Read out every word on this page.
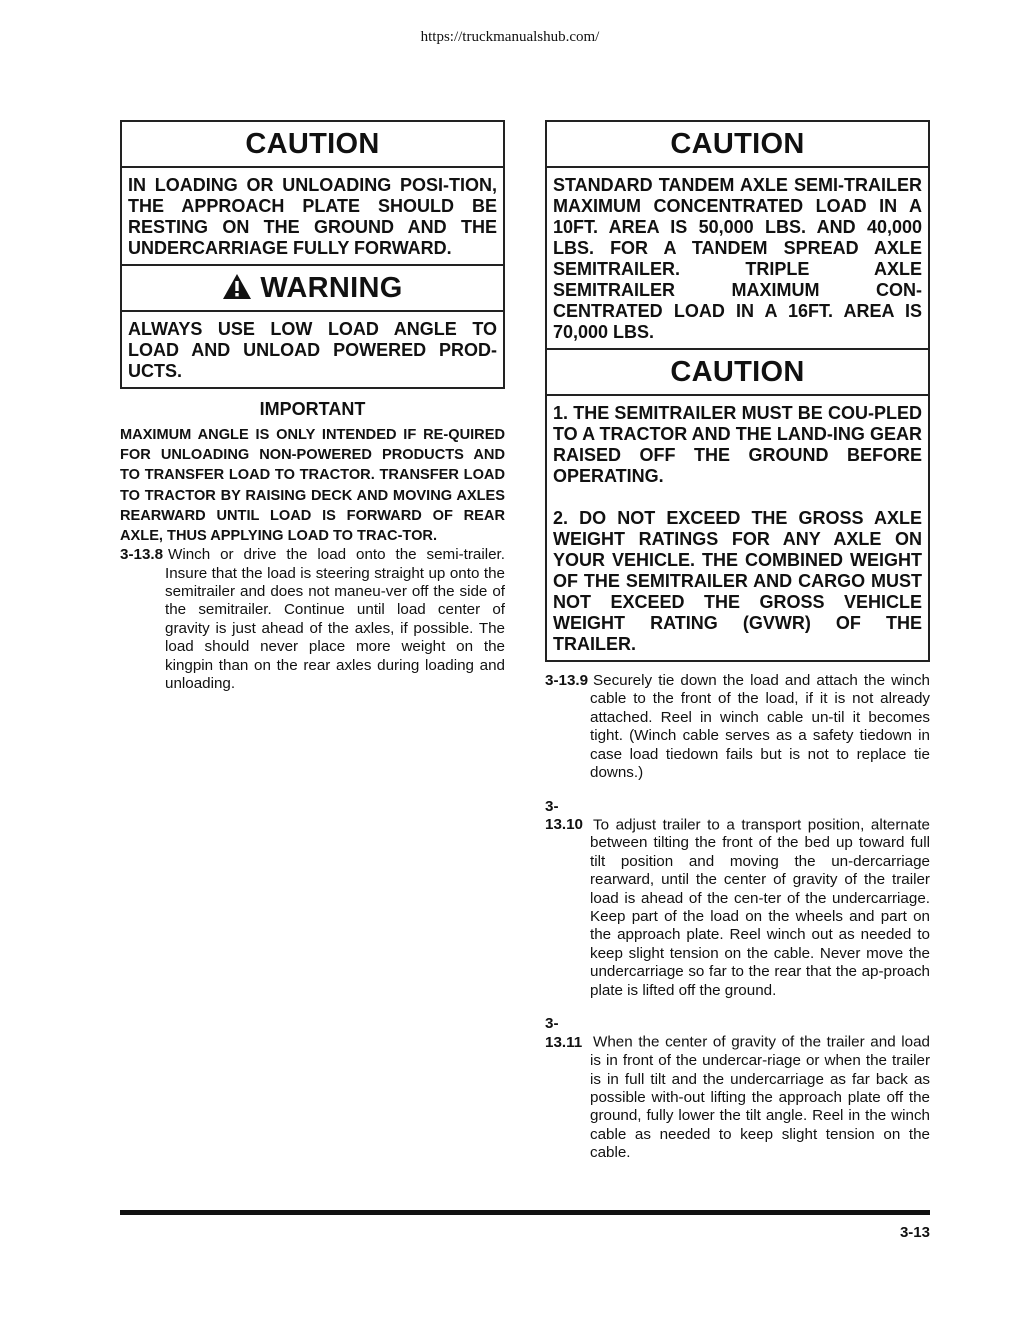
https://truckmanualshub.com/
CAUTION

IN LOADING OR UNLOADING POSI-TION, THE APPROACH PLATE SHOULD BE RESTING ON THE GROUND AND THE UNDERCARRIAGE FULLY FORWARD.

WARNING

ALWAYS USE LOW LOAD ANGLE TO LOAD AND UNLOAD POWERED PROD-UCTS.

IMPORTANT
MAXIMUM ANGLE IS ONLY INTENDED IF RE-QUIRED FOR UNLOADING NON-POWERED PRODUCTS AND TO TRANSFER LOAD TO TRACTOR. TRANSFER LOAD TO TRACTOR BY RAISING DECK AND MOVING AXLES REARWARD UNTIL LOAD IS FORWARD OF REAR AXLE, THUS APPLYING LOAD TO TRAC-TOR.

3-13.8 Winch or drive the load onto the semi-trailer. Insure that the load is steering straight up onto the semitrailer and does not maneu-ver off the side of the semitrailer. Continue until load center of gravity is just ahead of the axles, if possible. The load should never place more weight on the kingpin than on the rear axles during loading and unloading.

CAUTION

STANDARD TANDEM AXLE SEMI-TRAILER MAXIMUM CONCENTRATED LOAD IN A 10FT. AREA IS 50,000 LBS. AND 40,000 LBS. FOR A TANDEM SPREAD AXLE SEMITRAILER. TRIPLE AXLE SEMITRAILER MAXIMUM CON-CENTRATED LOAD IN A 16FT. AREA IS 70,000 LBS.

CAUTION

1. THE SEMITRAILER MUST BE COU-PLED TO A TRACTOR AND THE LAND-ING GEAR RAISED OFF THE GROUND BEFORE OPERATING.

2. DO NOT EXCEED THE GROSS AXLE WEIGHT RATINGS FOR ANY AXLE ON YOUR VEHICLE. THE COMBINED WEIGHT OF THE SEMITRAILER AND CARGO MUST NOT EXCEED THE GROSS VEHICLE WEIGHT RATING (GVWR) OF THE TRAILER.

3-13.9 Securely tie down the load and attach the winch cable to the front of the load, if it is not already attached. Reel in winch cable un-til it becomes tight. (Winch cable serves as a safety tiedown in case load tiedown fails but is not to replace tie downs.)

3-13.10 To adjust trailer to a transport position, alternate between tilting the front of the bed up toward full tilt position and moving the un-dercarriage rearward, until the center of gravity of the trailer load is ahead of the cen-ter of the undercarriage. Keep part of the load on the wheels and part on the approach plate. Reel winch out as needed to keep slight tension on the cable. Never move the undercarriage so far to the rear that the ap-proach plate is lifted off the ground.

3-13.11 When the center of gravity of the trailer and load is in front of the undercar-riage or when the trailer is in full tilt and the undercarriage as far back as possible with-out lifting the approach plate off the ground, fully lower the tilt angle. Reel in the winch cable as needed to keep slight tension on the cable.

3-13
